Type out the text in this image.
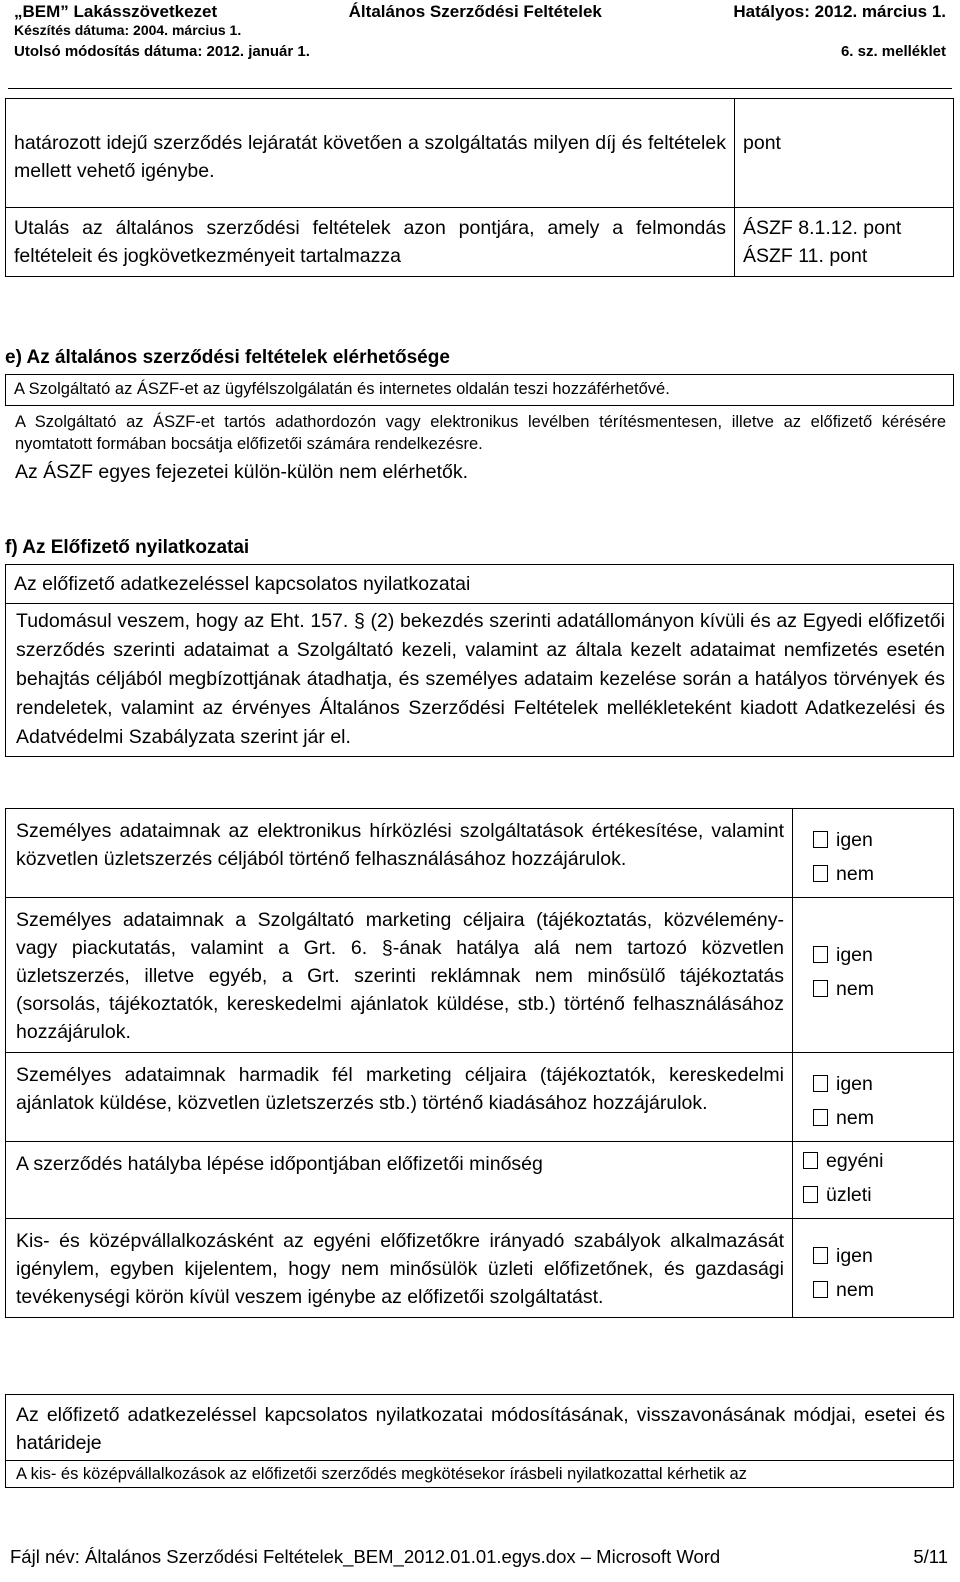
„BEM” Lakásszövetkezet	Általános Szerződési Feltételek	Hatályos: 2012. március 1.
Készítés dátuma: 2004. március 1.
Utolsó módosítás dátuma: 2012. január 1.	6. sz. melléklet
határozott idejű szerződés lejáratát követően a szolgáltatás milyen díj és feltételek mellett vehető igénybe.	pont
Utalás az általános szerződési feltételek azon pontjára, amely a felmondás feltételeit és jogkövetkezményeit tartalmazza	ÁSZF 8.1.12. pont
ÁSZF 11. pont
e) Az általános szerződési feltételek elérhetősége
A Szolgáltató az ÁSZF-et az ügyfélszolgálatán és internetes oldalán teszi hozzáférhetővé.
A Szolgáltató az ÁSZF-et tartós adathordozón vagy elektronikus levélben térítésmentesen, illetve az előfizető kérésére nyomtatott formában bocsátja előfizetői számára rendelkezésre.
Az ÁSZF egyes fejezetei külön-külön nem elérhetők.
f) Az Előfizető nyilatkozatai
Az előfizető adatkezeléssel kapcsolatos nyilatkozatai
Tudomásul veszem, hogy az Eht. 157. § (2) bekezdés szerinti adatállományon kívüli és az Egyedi előfizetői szerződés szerinti adataimat a Szolgáltató kezeli, valamint az általa kezelt adataimat nemfizetés esetén behajtás céljából megbízottjának átadhatja, és személyes adataim kezelése során a hatályos törvények és rendeletek, valamint az érvényes Általános Szerződési Feltételek mellékleteként kiadott Adatkezelési és Adatvédelmi Szabályzata szerint jár el.
Személyes adataimnak az elektronikus hírközlési szolgáltatások értékesítése, valamint közvetlen üzletszerzés céljából történő felhasználásához hozzájárulok.	igen
nem

Személyes adataimnak a Szolgáltató marketing céljaira (tájékoztatás, közvélemény- vagy piackutatás, valamint a Grt. 6. §-ának hatálya alá nem tartozó közvetlen üzletszerzés, illetve egyéb, a Grt. szerinti reklámnak nem minősülő tájékoztatás (sorsolás, tájékoztatók, kereskedelmi ajánlatok küldése, stb.) történő felhasználásához hozzájárulok.	igen
nem

Személyes adataimnak harmadik fél marketing céljaira (tájékoztatók, kereskedelmi ajánlatok küldése, közvetlen üzletszerzés stb.) történő kiadásához hozzájárulok.	igen
nem

A szerződés hatályba lépése időpontjában előfizetői minőség	egyéni
üzleti

Kis- és középvállalkozásként az egyéni előfizetőkre irányadó szabályok alkalmazását igénylem, egyben kijelentem, hogy nem minősülök üzleti előfizetőnek, és gazdasági tevékenységi körön kívül veszem igénybe az előfizetői szolgáltatást.	igen
nem
Az előfizető adatkezeléssel kapcsolatos nyilatkozatai módosításának, visszavonásának módjai, esetei és határideje
A kis- és középvállalkozások az előfizetői szerződés megkötésekor írásbeli nyilatkozattal kérhetik az
Fájl név: Általános Szerződési Feltételek_BEM_2012.01.01.egys.dox – Microsoft Word	5/11
